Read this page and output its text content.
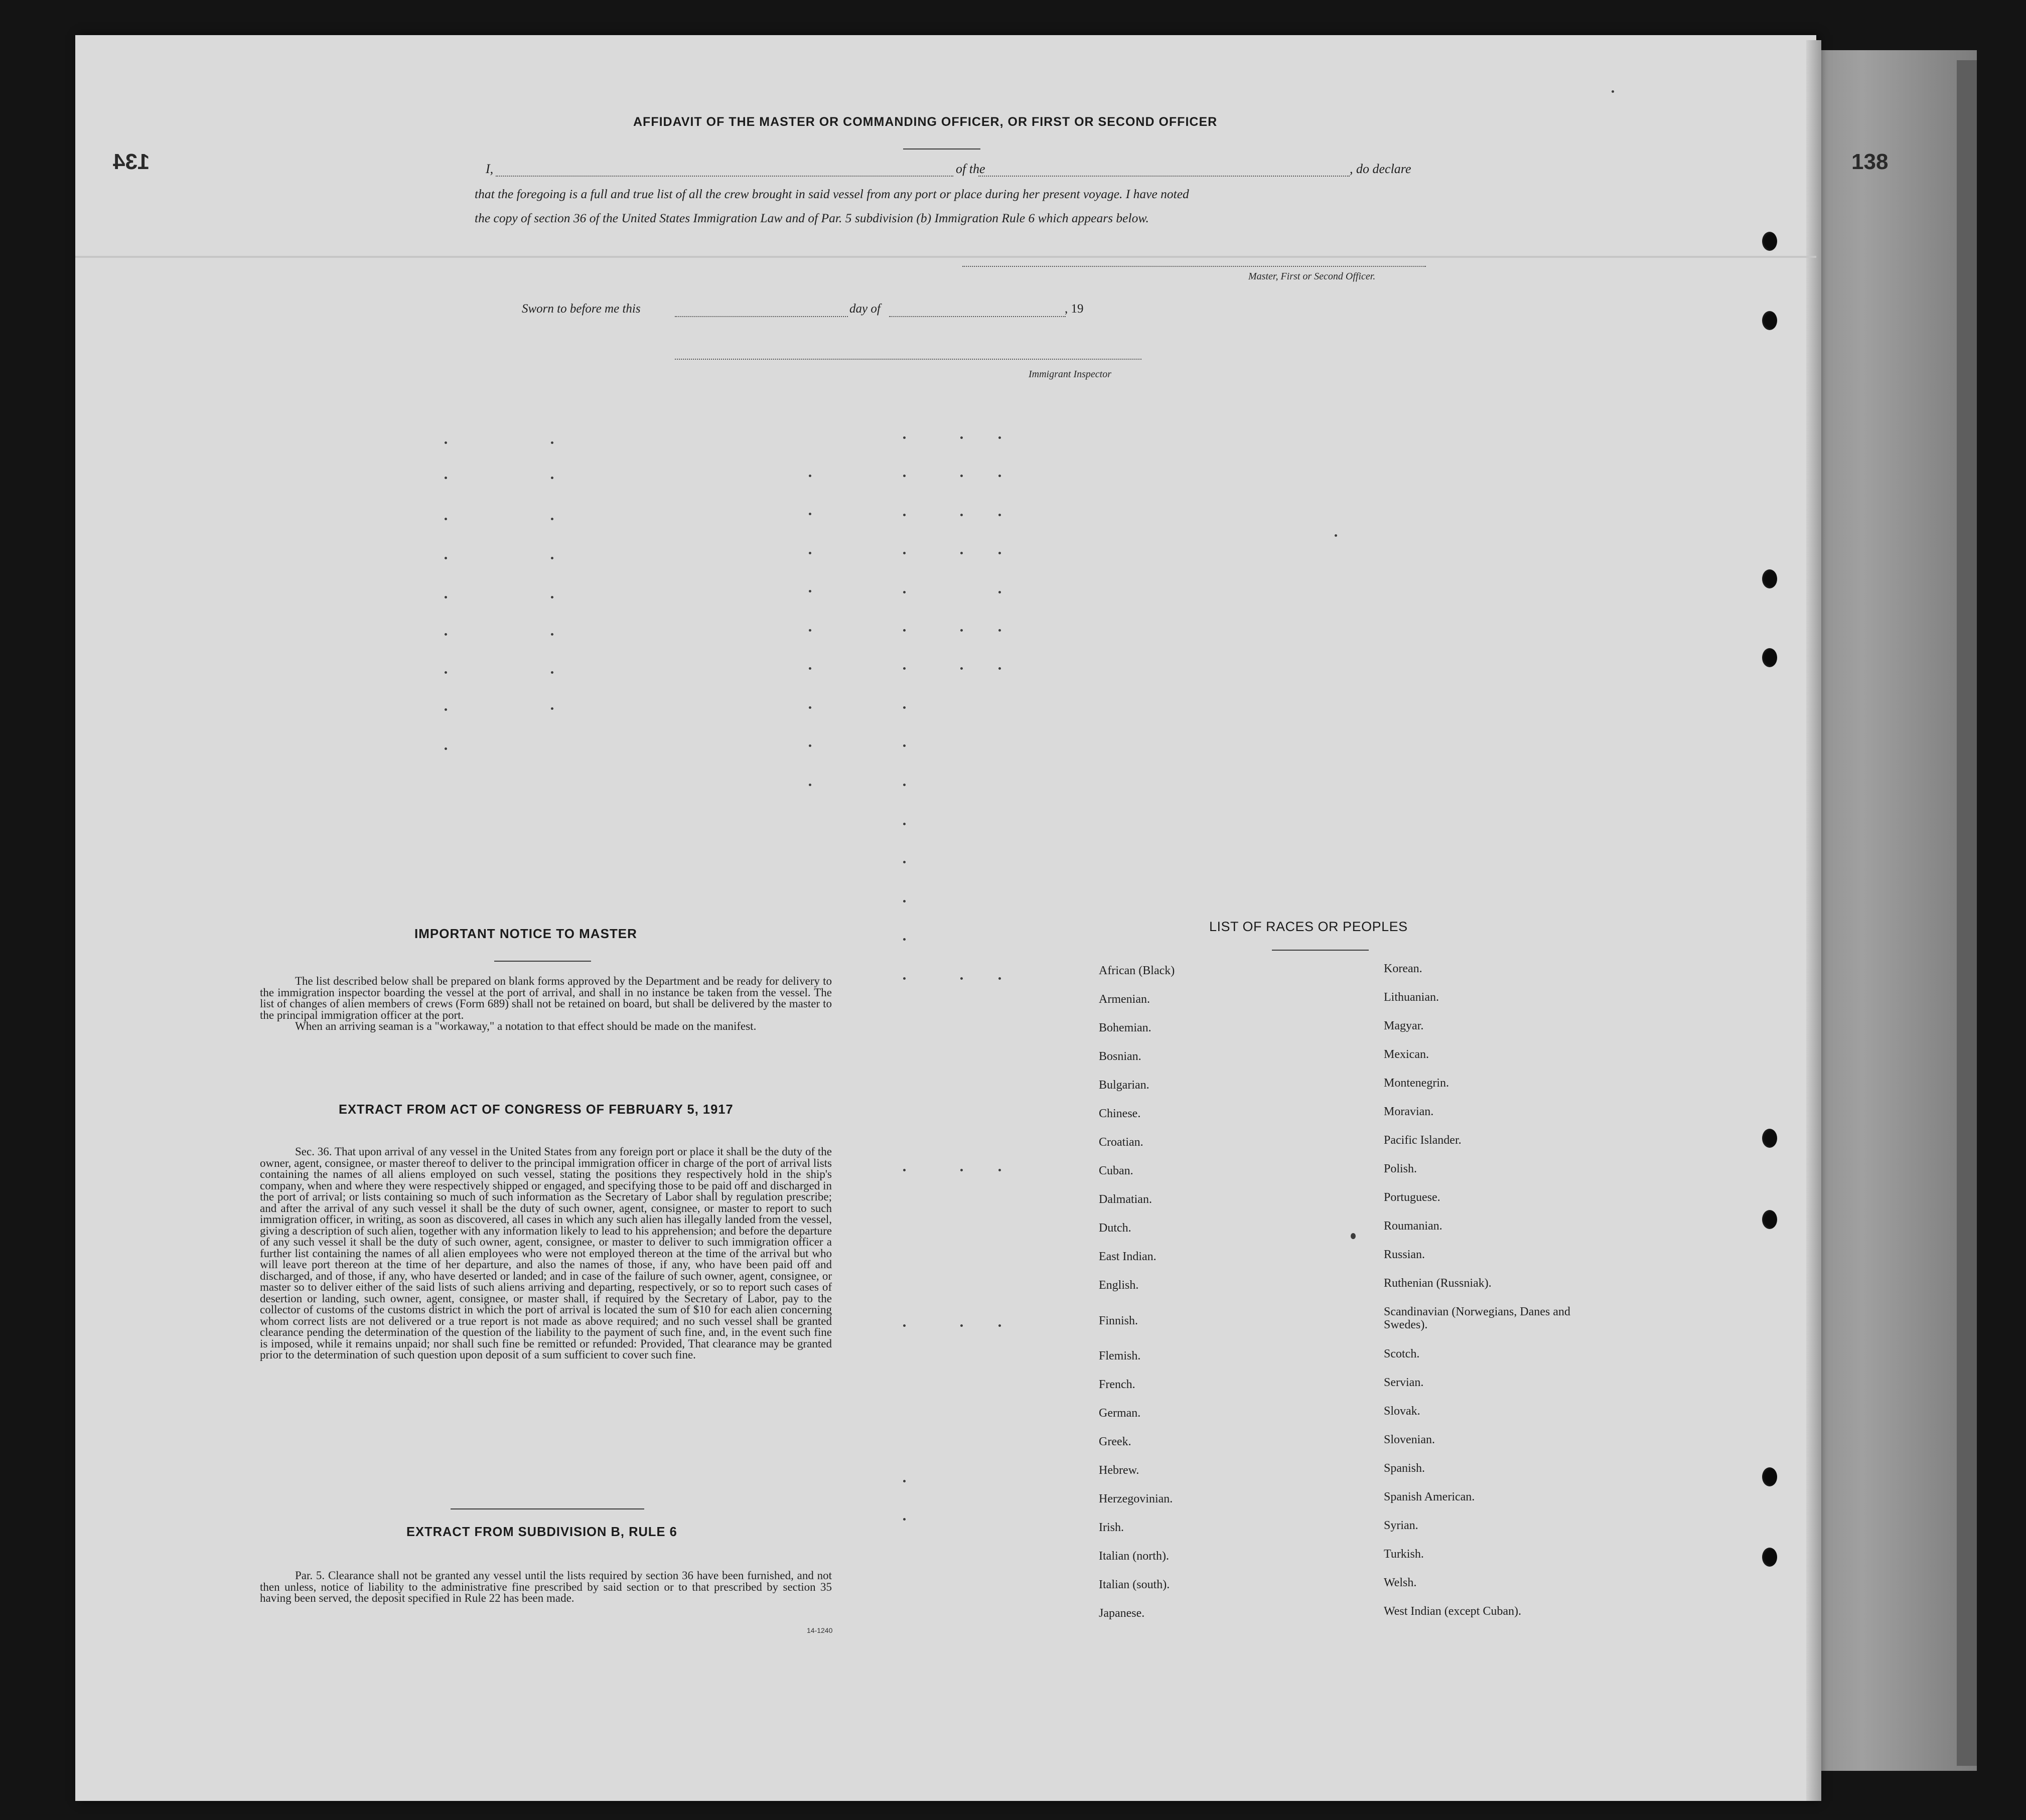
134	138
AFFIDAVIT OF THE MASTER OR COMMANDING OFFICER, OR FIRST OR SECOND OFFICER
I,	of the	, do declare
that the foregoing is a full and true list of all the crew brought in said vessel from any port or place during her present voyage. I have noted
the copy of section 36 of the United States Immigration Law and of Par. 5 subdivision (b) Immigration Rule 6 which appears below.
Master, First or Second Officer.
Sworn to before me this	day of	, 19
Immigrant Inspector
IMPORTANT NOTICE TO MASTER

The list described below shall be prepared on blank forms approved by the Department and be ready for delivery to the immigration inspector boarding the vessel at the port of arrival, and shall in no instance be taken from the vessel. The list of changes of alien members of crews (Form 689) shall not be retained on board, but shall be delivered by the master to the principal immigration officer at the port.

When an arriving seaman is a "workaway," a notation to that effect should be made on the manifest.

EXTRACT FROM ACT OF CONGRESS OF FEBRUARY 5, 1917

Sec. 36. That upon arrival of any vessel in the United States from any foreign port or place it shall be the duty of the owner, agent, consignee, or master thereof to deliver to the principal immigration officer in charge of the port of arrival lists containing the names of all aliens employed on such vessel, stating the positions they respectively hold in the ship's company, when and where they were respectively shipped or engaged, and specifying those to be paid off and discharged in the port of arrival; or lists containing so much of such information as the Secretary of Labor shall by regulation prescribe; and after the arrival of any such vessel it shall be the duty of such owner, agent, consignee, or master to report to such immigration officer, in writing, as soon as discovered, all cases in which any such alien has illegally landed from the vessel, giving a description of such alien, together with any information likely to lead to his apprehension; and before the departure of any such vessel it shall be the duty of such owner, agent, consignee, or master to deliver to such immigration officer a further list containing the names of all alien employees who were not employed thereon at the time of the arrival but who will leave port thereon at the time of her departure, and also the names of those, if any, who have been paid off and discharged, and of those, if any, who have deserted or landed; and in case of the failure of such owner, agent, consignee, or master so to deliver either of the said lists of such aliens arriving and departing, respectively, or so to report such cases of desertion or landing, such owner, agent, consignee, or master shall, if required by the Secretary of Labor, pay to the collector of customs of the customs district in which the port of arrival is located the sum of $10 for each alien concerning whom correct lists are not delivered or a true report is not made as above required; and no such vessel shall be granted clearance pending the determination of the question of the liability to the payment of such fine, and, in the event such fine is imposed, while it remains unpaid; nor shall such fine be remitted or refunded: Provided, That clearance may be granted prior to the determination of such question upon deposit of a sum sufficient to cover such fine.

EXTRACT FROM SUBDIVISION B, RULE 6

Par. 5. Clearance shall not be granted any vessel until the lists required by section 36 have been furnished, and not then unless, notice of liability to the administrative fine prescribed by said section or to that prescribed by section 35 having been served, the deposit specified in Rule 22 has been made.

14-1240
LIST OF RACES OR PEOPLES
African (Black)
Armenian.
Bohemian.
Bosnian.
Bulgarian.
Chinese.
Croatian.
Cuban.
Dalmatian.
Dutch.
East Indian.
English.
Finnish.
Flemish.
French.
German.
Greek.
Hebrew.
Herzegovinian.
Irish.
Italian (north).
Italian (south).
Japanese.
Korean.
Lithuanian.
Magyar.
Mexican.
Montenegrin.
Moravian.
Pacific Islander.
Polish.
Portuguese.
Roumanian.
Russian.
Ruthenian (Russniak).
Scandinavian (Norwegians, Danes and Swedes).
Scotch.
Servian.
Slovak.
Slovenian.
Spanish.
Spanish American.
Syrian.
Turkish.
Welsh.
West Indian (except Cuban).
